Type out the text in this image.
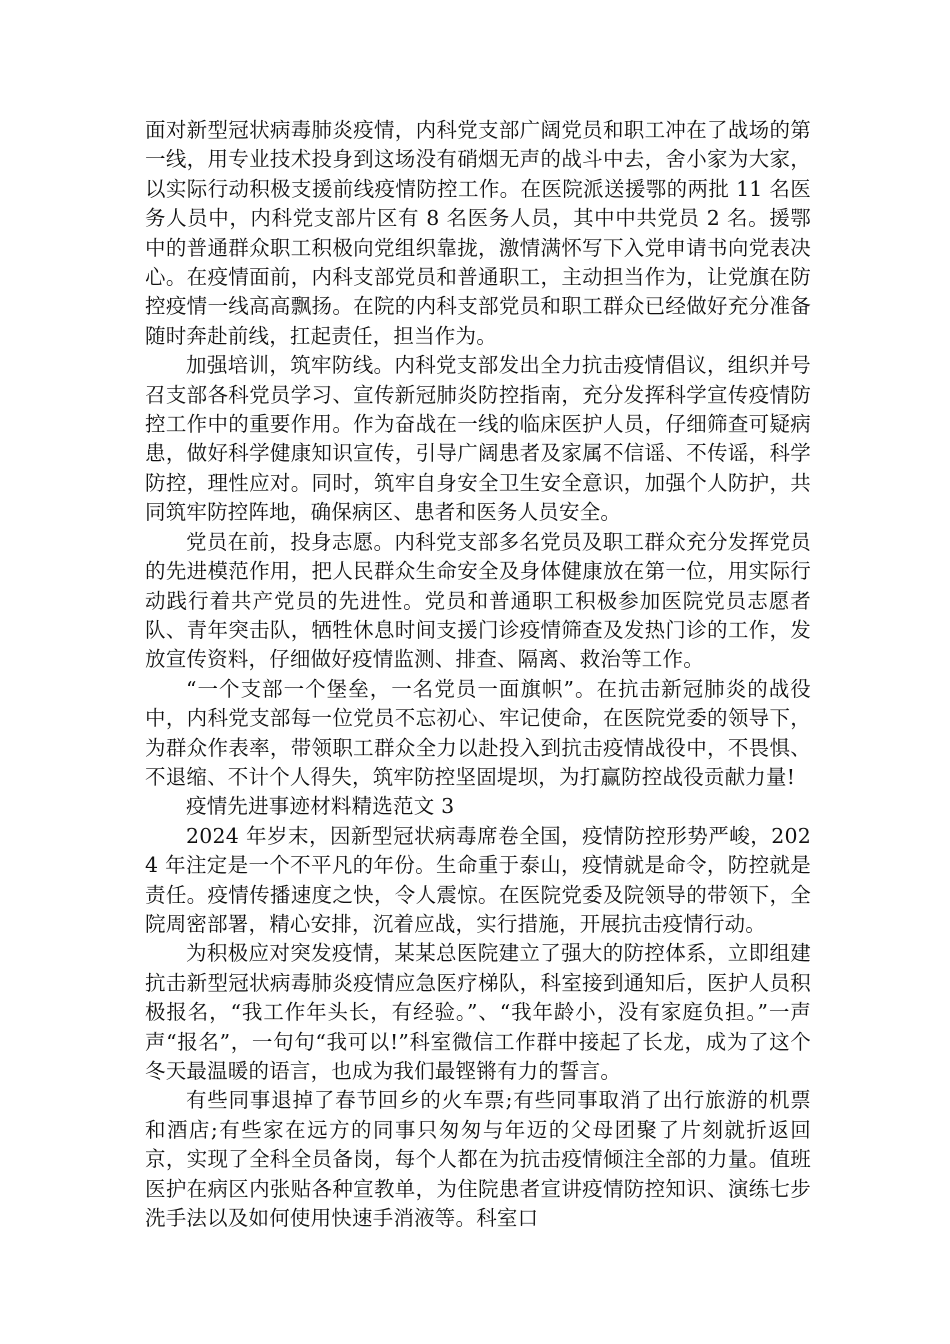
面对新型冠状病毒肺炎疫情，内科党支部广阔党员和职工冲在了战场的第一线，用专业技术投身到这场没有硝烟无声的战斗中去，舍小家为大家，以实际行动积极支援前线疫情防控工作。在医院派送援鄂的两批 11 名医务人员中，内科党支部片区有 8 名医务人员，其中中共党员 2 名。援鄂中的普通群众职工积极向党组织靠拢，激情满怀写下入党申请书向党表决心。在疫情面前，内科支部党员和普通职工，主动担当作为，让党旗在防控疫情一线高高飘扬。在院的内科支部党员和职工群众已经做好充分准备随时奔赴前线，扛起责任，担当作为。

加强培训，筑牢防线。内科党支部发出全力抗击疫情倡议，组织并号召支部各科党员学习、宣传新冠肺炎防控指南，充分发挥科学宣传疫情防控工作中的重要作用。作为奋战在一线的临床医护人员，仔细筛查可疑病患，做好科学健康知识宣传，引导广阔患者及家属不信谣、不传谣，科学防控，理性应对。同时，筑牢自身安全卫生安全意识，加强个人防护，共同筑牢防控阵地，确保病区、患者和医务人员安全。

党员在前，投身志愿。内科党支部多名党员及职工群众充分发挥党员的先进模范作用，把人民群众生命安全及身体健康放在第一位，用实际行动践行着共产党员的先进性。党员和普通职工积极参加医院党员志愿者队、青年突击队，牺牲休息时间支援门诊疫情筛查及发热门诊的工作，发放宣传资料，仔细做好疫情监测、排查、隔离、救治等工作。

“一个支部一个堡垒，一名党员一面旗帜”。在抗击新冠肺炎的战役中，内科党支部每一位党员不忘初心、牢记使命，在医院党委的领导下，为群众作表率，带领职工群众全力以赴投入到抗击疫情战役中，不畏惧、不退缩、不计个人得失，筑牢防控坚固堤坝，为打赢防控战役贡献力量!

疫情先进事迹材料精选范文 3

2024 年岁末，因新型冠状病毒席卷全国，疫情防控形势严峻，2024 年注定是一个不平凡的年份。生命重于泰山，疫情就是命令，防控就是责任。疫情传播速度之快，令人震惊。在医院党委及院领导的带领下，全院周密部署，精心安排，沉着应战，实行措施，开展抗击疫情行动。

为积极应对突发疫情，某某总医院建立了强大的防控体系，立即组建抗击新型冠状病毒肺炎疫情应急医疗梯队，科室接到通知后，医护人员积极报名，“我工作年头长，有经验。”、“我年龄小，没有家庭负担。”一声声“报名”，一句句“我可以!”科室微信工作群中接起了长龙，成为了这个冬天最温暖的语言，也成为我们最铿锵有力的誓言。

有些同事退掉了春节回乡的火车票;有些同事取消了出行旅游的机票和酒店;有些家在远方的同事只匆匆与年迈的父母团聚了片刻就折返回京，实现了全科全员备岗，每个人都在为抗击疫情倾注全部的力量。值班医护在病区内张贴各种宣教单，为住院患者宣讲疫情防控知识、演练七步洗手法以及如何使用快速手消液等。科室口
